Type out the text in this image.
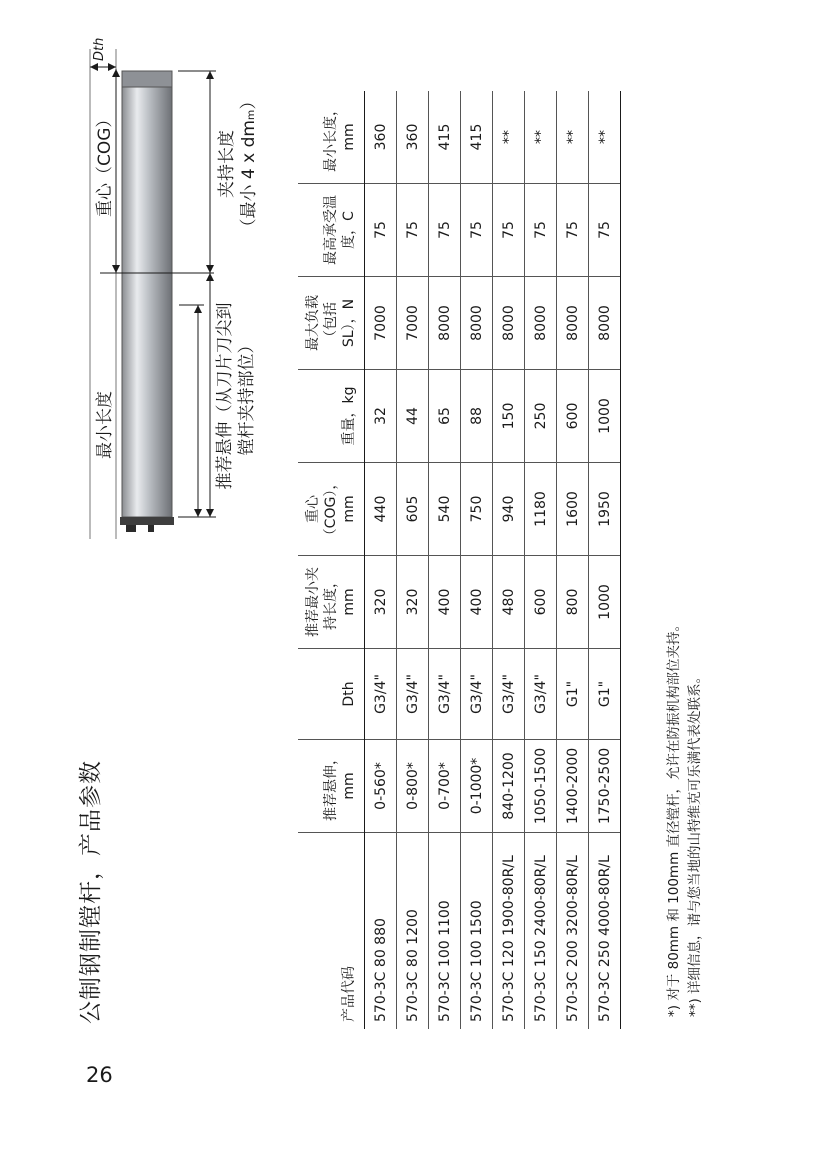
26
公制钢制镗杆，产品参数
最小长度	推荐悬伸（从刀片刀尖到 镗杆夹持部位）
重心（COG）	夹持长度 （最小 4 x dmₘ）
Dth
产品代码	推荐悬伸，mm	Dth	推荐最小夹持长度，mm	重心（COG），mm	重量，kg	最大负载（包括SL），N	最高承受温度，C	最小长度，mm
570-3C 80 880	0-560*	G3/4"	320	440	32	7000	75	360
570-3C 80 1200	0-800*	G3/4"	320	605	44	7000	75	360
570-3C 100 1100	0-700*	G3/4"	400	540	65	8000	75	415
570-3C 100 1500	0-1000*	G3/4"	400	750	88	8000	75	415
570-3C 120 1900-80R/L	840-1200	G3/4"	480	940	150	8000	75	**
570-3C 150 2400-80R/L	1050-1500	G3/4"	600	1180	250	8000	75	**
570-3C 200 3200-80R/L	1400-2000	G1"	800	1600	600	8000	75	**
570-3C 250 4000-80R/L	1750-2500	G1"	1000	1950	1000	8000	75	**
*) 对于 80mm 和 100mm 直径镗杆，允许在防振机构部位夹持。 **) 详细信息，请与您当地的山特维克可乐满代表处联系。
